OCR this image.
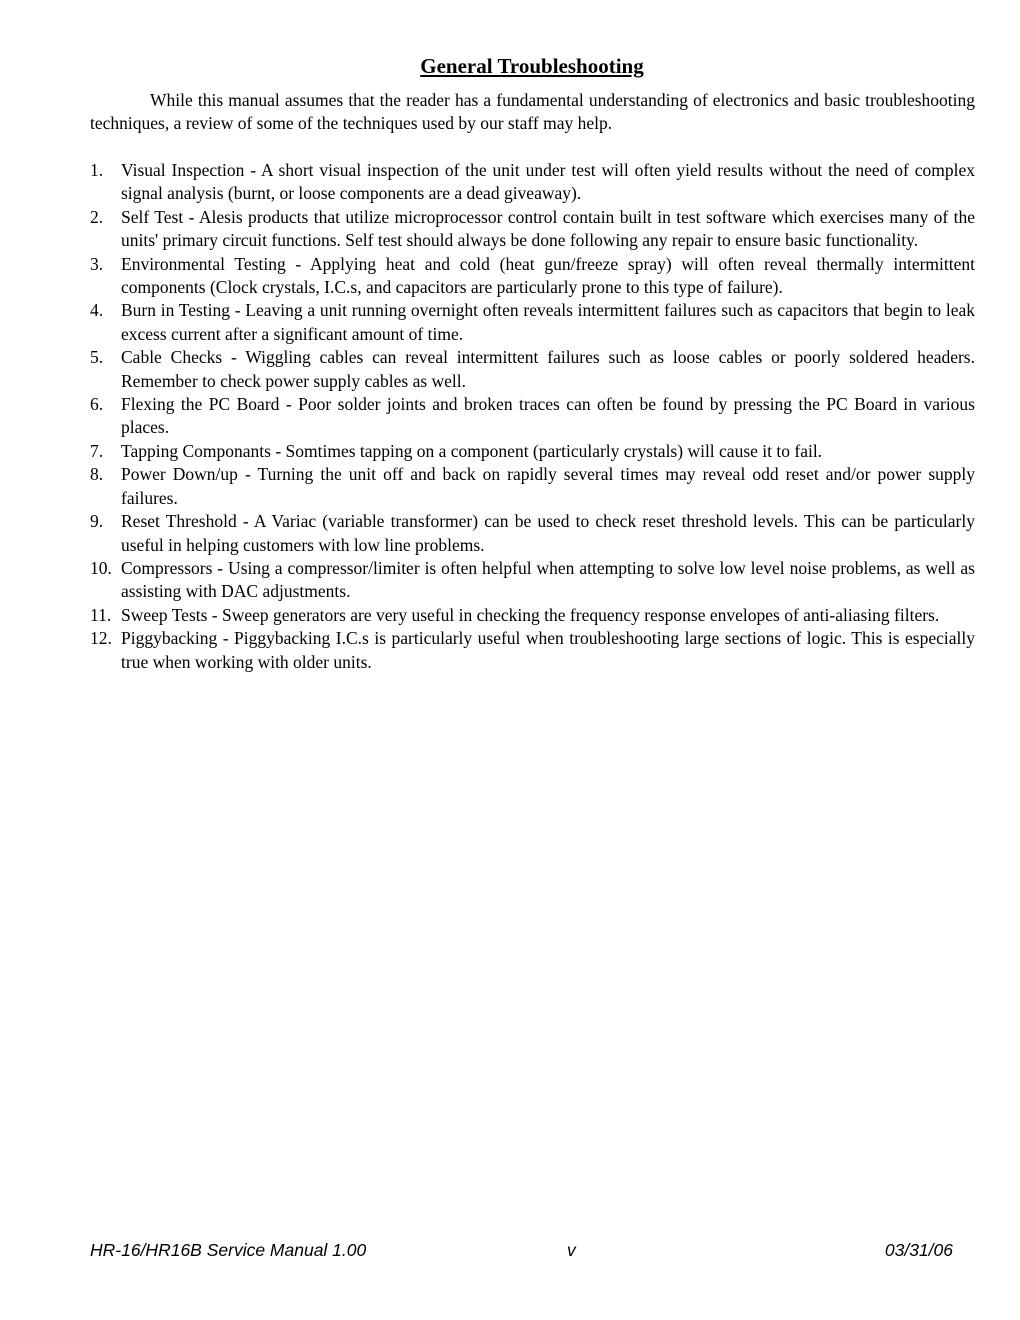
General Troubleshooting

While this manual assumes that the reader has a fundamental understanding of electronics and basic troubleshooting techniques, a review of some of the techniques used by our staff may help.

1. Visual Inspection - A short visual inspection of the unit under test will often yield results without the need of complex signal analysis (burnt, or loose components are a dead giveaway).
2. Self Test - Alesis products that utilize microprocessor control contain built in test software which exercises many of the units' primary circuit functions. Self test should always be done following any repair to ensure basic functionality.
3. Environmental Testing - Applying heat and cold (heat gun/freeze spray) will often reveal thermally intermittent components (Clock crystals, I.C.s, and capacitors are particularly prone to this type of failure).
4. Burn in Testing - Leaving a unit running overnight often reveals intermittent failures such as capacitors that begin to leak excess current after a significant amount of time.
5. Cable Checks - Wiggling cables can reveal intermittent failures such as loose cables or poorly soldered headers. Remember to check power supply cables as well.
6. Flexing the PC Board - Poor solder joints and broken traces can often be found by pressing the PC Board in various places.
7. Tapping Componants - Somtimes tapping on a component (particularly crystals) will cause it to fail.
8. Power Down/up - Turning the unit off and back on rapidly several times may reveal odd reset and/or power supply failures.
9. Reset Threshold - A Variac (variable transformer) can be used to check reset threshold levels. This can be particularly useful in helping customers with low line problems.
10. Compressors - Using a compressor/limiter is often helpful when attempting to solve low level noise problems, as well as assisting with DAC adjustments.
11. Sweep Tests - Sweep generators are very useful in checking the frequency response envelopes of anti-aliasing filters.
12. Piggybacking - Piggybacking I.C.s is particularly useful when troubleshooting large sections of logic. This is especially true when working with older units.
HR-16/HR16B Service Manual 1.00	v	03/31/06
